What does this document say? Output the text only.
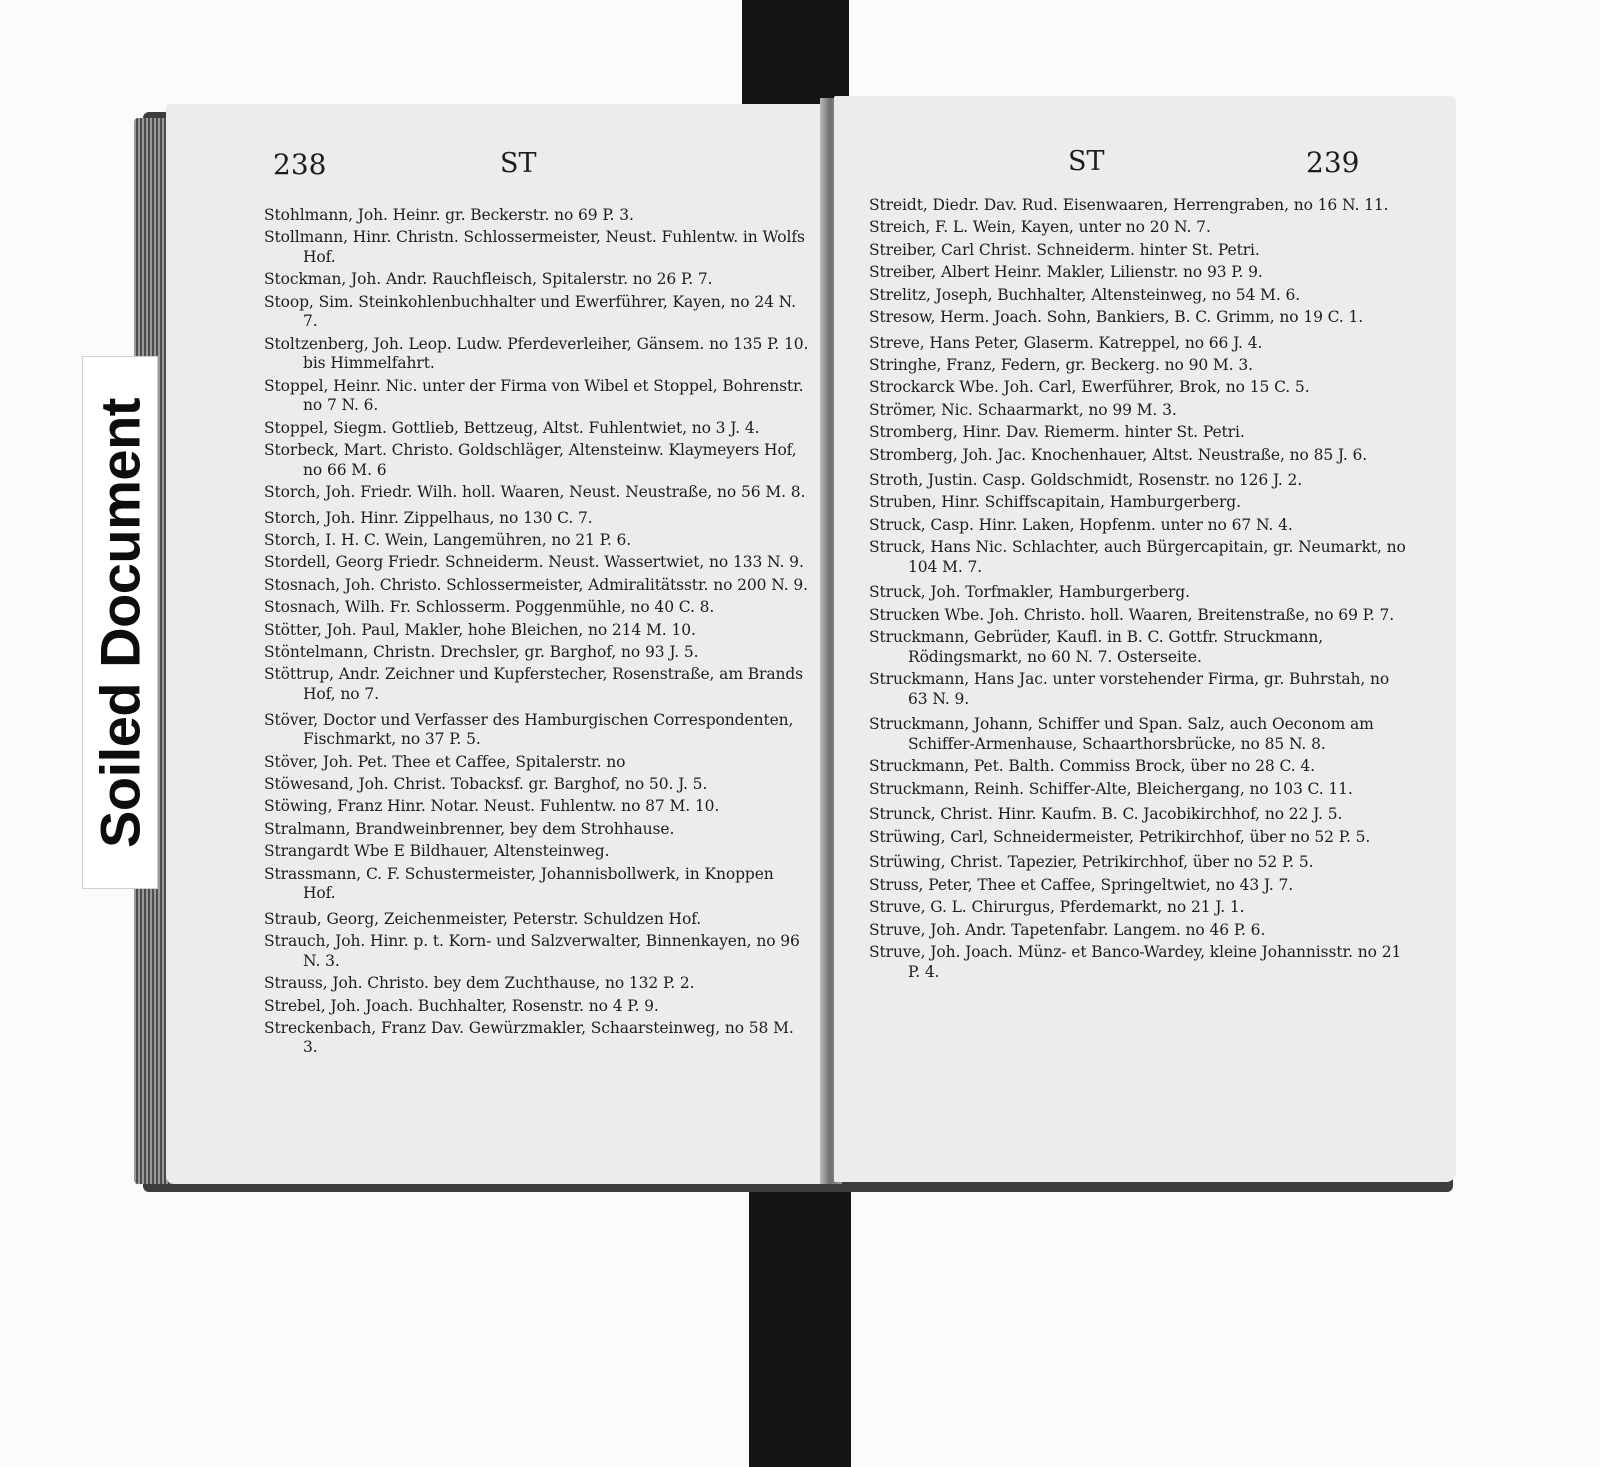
238	ST
Stohlmann, Joh. Heinr. gr. Beckerstr. no 69 P. 3.
Stollmann, Hinr. Christn. Schlossermeister, Neust. Fuhlentw. in Wolfs Hof.
Stockman, Joh. Andr. Rauchfleisch, Spitalerstr. no 26 P. 7.
Stoop, Sim. Steinkohlenbuchhalter und Ewerführer, Kayen, no 24 N. 7.
Stoltzenberg, Joh. Leop. Ludw. Pferdeverleiher, Gänsem. no 135 P. 10. bis Himmelfahrt.
Stoppel, Heinr. Nic. unter der Firma von Wibel et Stoppel, Bohrenstr. no 7 N. 6.
Stoppel, Siegm. Gottlieb, Bettzeug, Altst. Fuhlentwiet, no 3 J. 4.
Storbeck, Mart. Christo. Goldschläger, Altensteinw. Klaymeyers Hof, no 66 M. 6
Storch, Joh. Friedr. Wilh. holl. Waaren, Neust. Neustraße, no 56 M. 8.
Storch, Joh. Hinr. Zippelhaus, no 130 C. 7.
Storch, I. H. C. Wein, Langemühren, no 21 P. 6.
Stordell, Georg Friedr. Schneiderm. Neust. Wassertwiet, no 133 N. 9.
Stosnach, Joh. Christo. Schlossermeister, Admiralitätsstr. no 200 N. 9.
Stosnach, Wilh. Fr. Schlosserm. Poggenmühle, no 40 C. 8.
Stötter, Joh. Paul, Makler, hohe Bleichen, no 214 M. 10.
Stöntelmann, Christn. Drechsler, gr. Barghof, no 93 J. 5.
Stöttrup, Andr. Zeichner und Kupferstecher, Rosenstraße, am Brands Hof, no 7.
Stöver, Doctor und Verfasser des Hamburgischen Correspondenten, Fischmarkt, no 37 P. 5.
Stöver, Joh. Pet. Thee et Caffee, Spitalerstr. no
Stöwesand, Joh. Christ. Tobacksf. gr. Barghof, no 50. J. 5.
Stöwing, Franz Hinr. Notar. Neust. Fuhlentw. no 87 M. 10.
Stralmann, Brandweinbrenner, bey dem Strohhause.
Strangardt Wbe E Bildhauer, Altensteinweg.
Strassmann, C. F. Schustermeister, Johannisbollwerk, in Knoppen Hof.
Straub, Georg, Zeichenmeister, Peterstr. Schuldzen Hof.
Strauch, Joh. Hinr. p. t. Korn- und Salzverwalter, Binnenkayen, no 96 N. 3.
Strauss, Joh. Christo. bey dem Zuchthause, no 132 P. 2.
Strebel, Joh. Joach. Buchhalter, Rosenstr. no 4 P. 9.
Streckenbach, Franz Dav. Gewürzmakler, Schaarsteinweg, no 58 M. 3.
ST	239
Streidt, Diedr. Dav. Rud. Eisenwaaren, Herrengraben, no 16 N. 11.
Streich, F. L. Wein, Kayen, unter no 20 N. 7.
Streiber, Carl Christ. Schneiderm. hinter St. Petri.
Streiber, Albert Heinr. Makler, Lilienstr. no 93 P. 9.
Strelitz, Joseph, Buchhalter, Altensteinweg, no 54 M. 6.
Stresow, Herm. Joach. Sohn, Bankiers, B. C. Grimm, no 19 C. 1.
Streve, Hans Peter, Glaserm. Katreppel, no 66 J. 4.
Stringhe, Franz, Federn, gr. Beckerg. no 90 M. 3.
Strockarck Wbe. Joh. Carl, Ewerführer, Brok, no 15 C. 5.
Strömer, Nic. Schaarmarkt, no 99 M. 3.
Stromberg, Hinr. Dav. Riemerm. hinter St. Petri.
Stromberg, Joh. Jac. Knochenhauer, Altst. Neustraße, no 85 J. 6.
Stroth, Justin. Casp. Goldschmidt, Rosenstr. no 126 J. 2.
Struben, Hinr. Schiffscapitain, Hamburgerberg.
Struck, Casp. Hinr. Laken, Hopfenm. unter no 67 N. 4.
Struck, Hans Nic. Schlachter, auch Bürgercapitain, gr. Neumarkt, no 104 M. 7.
Struck, Joh. Torfmakler, Hamburgerberg.
Strucken Wbe. Joh. Christo. holl. Waaren, Breitenstraße, no 69 P. 7.
Struckmann, Gebrüder, Kaufl. in B. C. Gottfr. Struckmann, Rödingsmarkt, no 60 N. 7. Osterseite.
Struckmann, Hans Jac. unter vorstehender Firma, gr. Buhrstah, no 63 N. 9.
Struckmann, Johann, Schiffer und Span. Salz, auch Oeconom am Schiffer-Armenhause, Schaarthorsbrücke, no 85 N. 8.
Struckmann, Pet. Balth. Commiss Brock, über no 28 C. 4.
Struckmann, Reinh. Schiffer-Alte, Bleichergang, no 103 C. 11.
Strunck, Christ. Hinr. Kaufm. B. C. Jacobikirchhof, no 22 J. 5.
Strüwing, Carl, Schneidermeister, Petrikirchhof, über no 52 P. 5.
Strüwing, Christ. Tapezier, Petrikirchhof, über no 52 P. 5.
Struss, Peter, Thee et Caffee, Springeltwiet, no 43 J. 7.
Struve, G. L. Chirurgus, Pferdemarkt, no 21 J. 1.
Struve, Joh. Andr. Tapetenfabr. Langem. no 46 P. 6.
Struve, Joh. Joach. Münz- et Banco-Wardey, kleine Johannisstr. no 21 P. 4.
Soiled Document
